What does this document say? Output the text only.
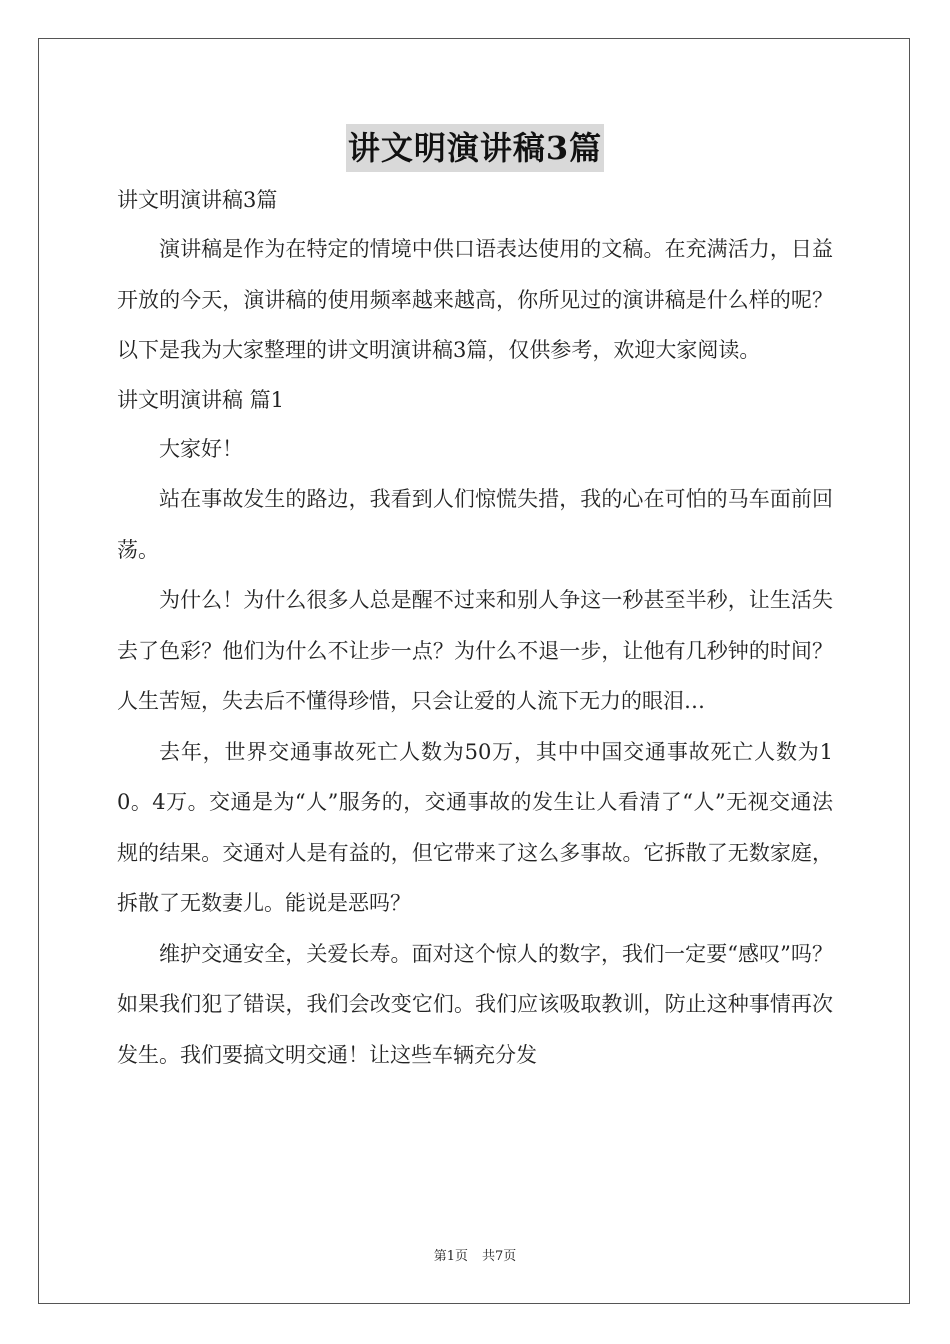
讲文明演讲稿3篇
讲文明演讲稿3篇

演讲稿是作为在特定的情境中供口语表达使用的文稿。在充满活力，日益开放的今天，演讲稿的使用频率越来越高，你所见过的演讲稿是什么样的呢？以下是我为大家整理的讲文明演讲稿3篇，仅供参考，欢迎大家阅读。

讲文明演讲稿 篇1

大家好！

站在事故发生的路边，我看到人们惊慌失措，我的心在可怕的马车面前回荡。

为什么！为什么很多人总是醒不过来和别人争这一秒甚至半秒，让生活失去了色彩？他们为什么不让步一点？为什么不退一步，让他有几秒钟的时间？人生苦短，失去后不懂得珍惜，只会让爱的人流下无力的眼泪…

去年，世界交通事故死亡人数为50万，其中中国交通事故死亡人数为10。4万。交通是为“人”服务的，交通事故的发生让人看清了“人”无视交通法规的结果。交通对人是有益的，但它带来了这么多事故。它拆散了无数家庭，拆散了无数妻儿。能说是恶吗？

维护交通安全，关爱长寿。面对这个惊人的数字，我们一定要“感叹”吗？如果我们犯了错误，我们会改变它们。我们应该吸取教训，防止这种事情再次发生。我们要搞文明交通！让这些车辆充分发

第1页 共7页
